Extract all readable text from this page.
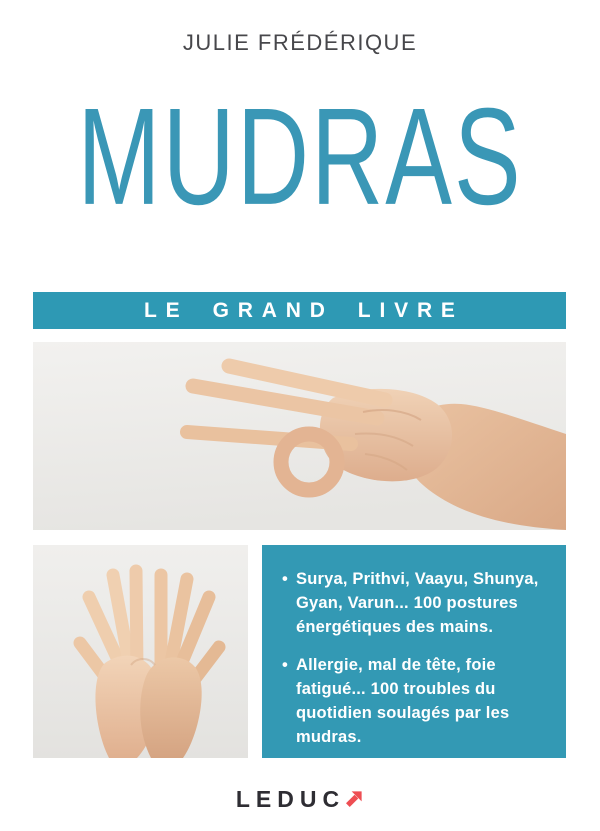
JULIE FRÉDÉRIQUE
MUDRAS
LE GRAND LIVRE
• Surya, Prithvi, Vaayu, Shunya, Gyan, Varun... 100 postures énergétiques des mains.
• Allergie, mal de tête, foie fatigué... 100 troubles du quotidien soulagés par les mudras.
LEDUC
